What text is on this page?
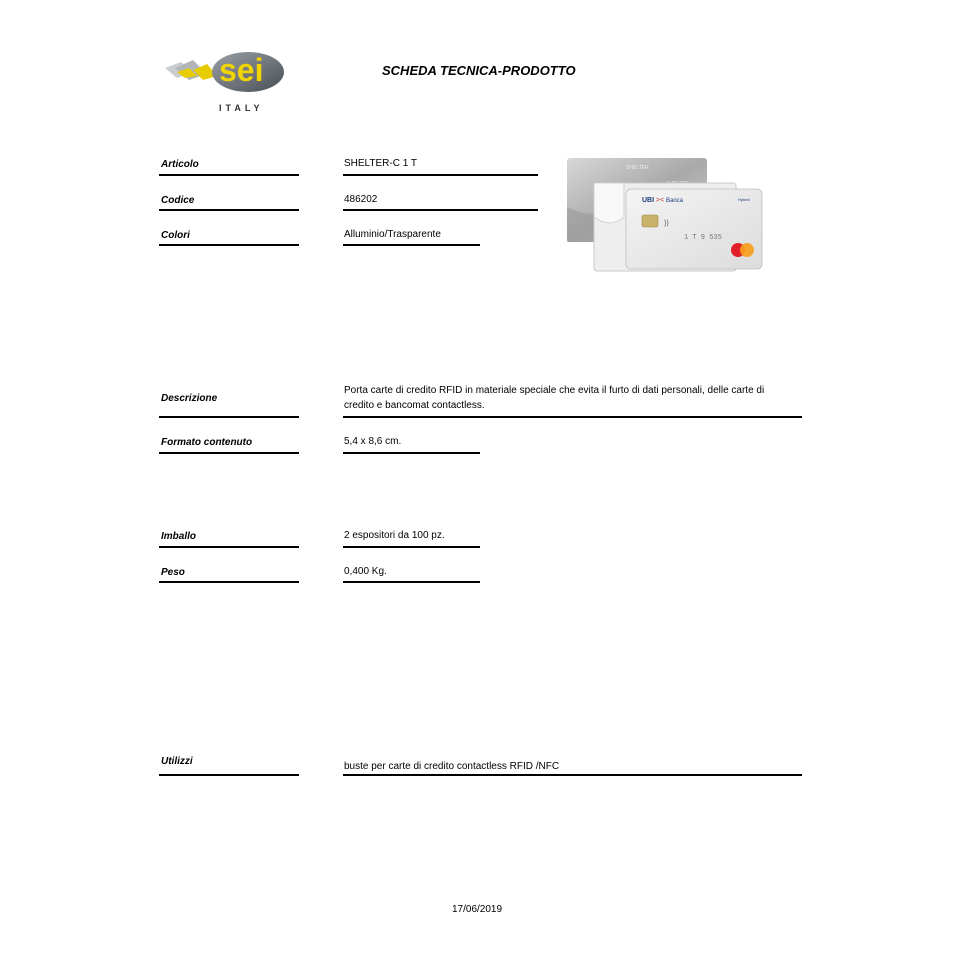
sei
ITALY
SCHEDA TECNICA-PRODOTTO
Articolo	SHELTER-C 1 T
Codice	486202
Colori	Alluminio/Trasparente
SHELTER
UBI >< Banca	Hybrid
))
1 T 9 535
Descrizione
Porta carte di credito RFID in materiale speciale che evita il furto di dati personali, delle carte di
credito e bancomat contactless.
Formato contenuto	5,4 x 8,6 cm.
Imballo	2 espositori da 100 pz.
Peso	0,400 Kg.
Utilizzi	buste per carte di credito contactless RFID /NFC
17/06/2019
